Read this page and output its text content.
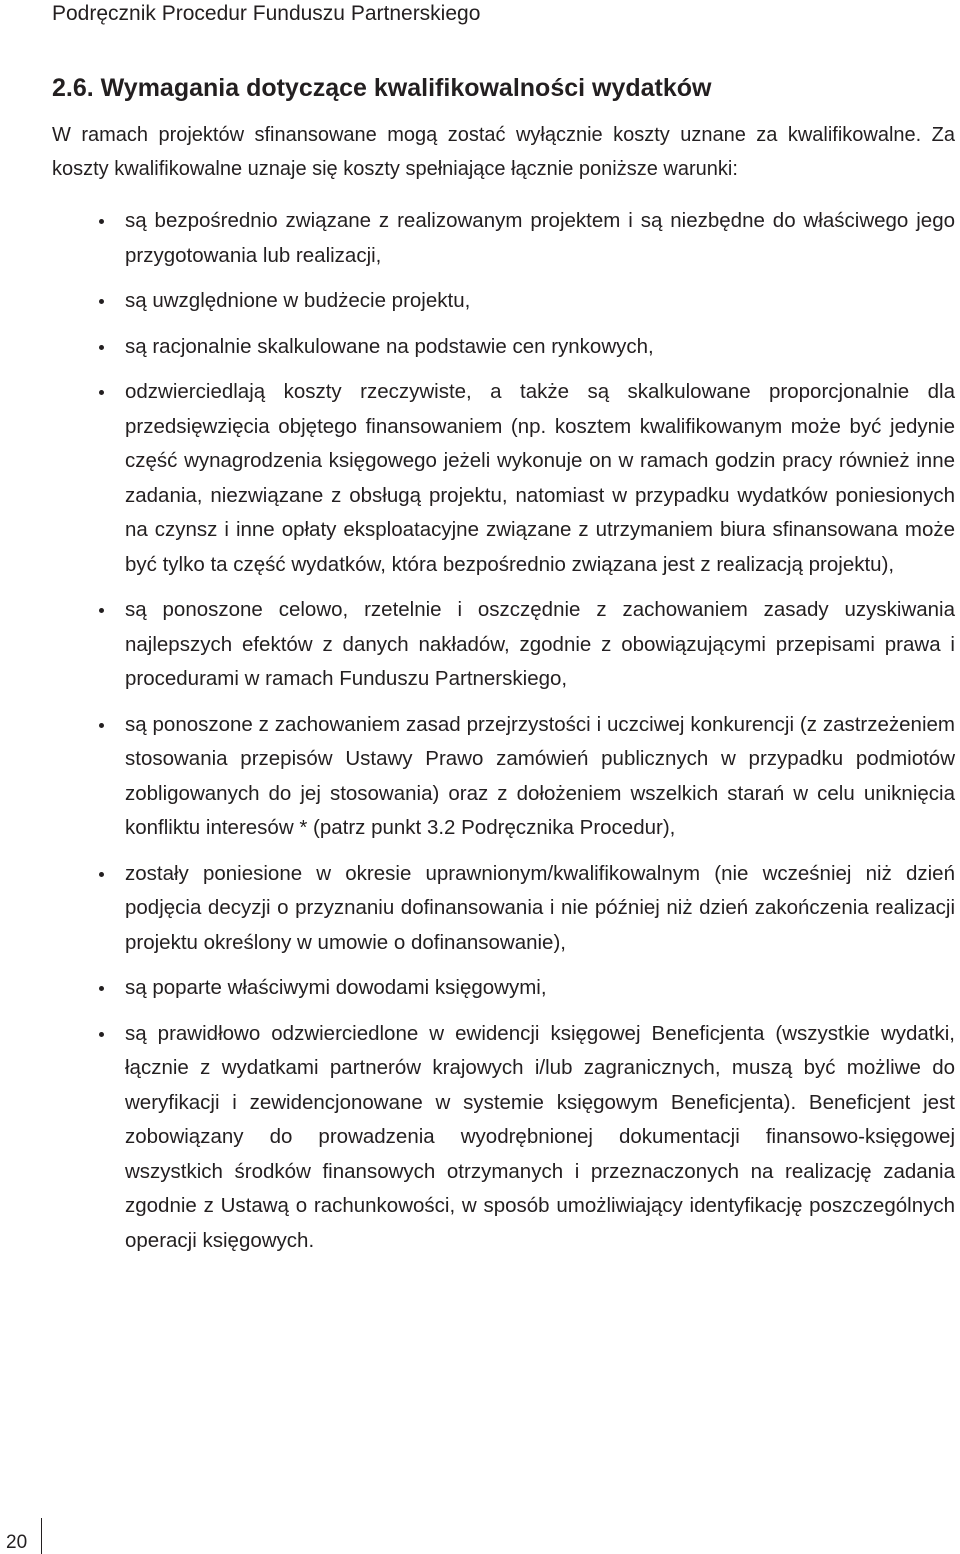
Podręcznik Procedur Funduszu Partnerskiego
2.6. Wymagania dotyczące kwalifikowalności wydatków

W ramach projektów sfinansowane mogą zostać wyłącznie koszty uznane za kwalifikowalne. Za koszty kwalifikowalne uznaje się koszty spełniające łącznie poniższe warunki:

są bezpośrednio związane z realizowanym projektem i są niezbędne do właściwego jego przygotowania lub realizacji,
są uwzględnione w budżecie projektu,
są racjonalnie skalkulowane na podstawie cen rynkowych,
odzwierciedlają koszty rzeczywiste, a także są skalkulowane proporcjonalnie dla przedsięwzięcia objętego finansowaniem (np. kosztem kwalifikowanym może być jedynie część wynagrodzenia księgowego jeżeli wykonuje on w ramach godzin pracy również inne zadania, niezwiązane z obsługą projektu, natomiast w przypadku wydatków poniesionych na czynsz i inne opłaty eksploatacyjne związane z utrzymaniem biura sfinansowana może być tylko ta część wydatków, która bezpośrednio związana jest z realizacją projektu),
są ponoszone celowo, rzetelnie i oszczędnie z zachowaniem zasady uzyskiwania najlepszych efektów z danych nakładów, zgodnie z obowiązującymi przepisami prawa i procedurami w ramach Funduszu Partnerskiego,
są ponoszone z zachowaniem zasad przejrzystości i uczciwej konkurencji (z zastrzeżeniem stosowania przepisów Ustawy Prawo zamówień publicznych w przypadku podmiotów zobligowanych do jej stosowania) oraz z dołożeniem wszelkich starań w celu uniknięcia konfliktu interesów * (patrz punkt 3.2 Podręcznika Procedur),
zostały poniesione w okresie uprawnionym/kwalifikowalnym (nie wcześniej niż dzień podjęcia decyzji o przyznaniu dofinansowania i nie później niż dzień zakończenia realizacji projektu określony w umowie o dofinansowanie),
są poparte właściwymi dowodami księgowymi,
są prawidłowo odzwierciedlone w ewidencji księgowej Beneficjenta (wszystkie wydatki, łącznie z wydatkami partnerów krajowych i/lub zagranicznych, muszą być możliwe do weryfikacji i zewidencjonowane w systemie księgowym Beneficjenta). Beneficjent jest zobowiązany do prowadzenia wyodrębnionej dokumentacji finansowo-księgowej wszystkich środków finansowych otrzymanych i przeznaczonych na realizację zadania zgodnie z Ustawą o rachunkowości, w sposób umożliwiający identyfikację poszczególnych operacji księgowych.
20
